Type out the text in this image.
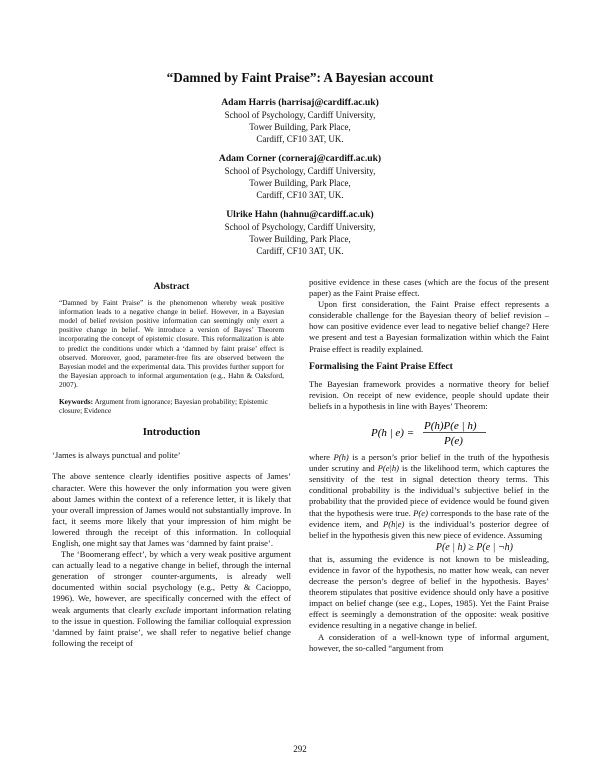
“Damned by Faint Praise”: A Bayesian account
Adam Harris (harrisaj@cardiff.ac.uk)
School of Psychology, Cardiff University,
Tower Building, Park Place,
Cardiff, CF10 3AT, UK.
Adam Corner (corneraj@cardiff.ac.uk)
School of Psychology, Cardiff University,
Tower Building, Park Place,
Cardiff, CF10 3AT, UK.
Ulrike Hahn (hahnu@cardiff.ac.uk)
School of Psychology, Cardiff University,
Tower Building, Park Place,
Cardiff, CF10 3AT, UK.
Abstract

“Damned by Faint Praise” is the phenomenon whereby weak positive information leads to a negative change in belief. However, in a Bayesian model of belief revision positive information can seemingly only exert a positive change in belief. We introduce a version of Bayes’ Theorem incorporating the concept of epistemic closure. This reformalization is able to predict the conditions under which a ‘damned by faint praise’ effect is observed. Moreover, good, parameter-free fits are observed between the Bayesian model and the experimental data. This provides further support for the Bayesian approach to informal argumentation (e.g., Hahn & Oaksford, 2007).

Keywords: Argument from ignorance; Bayesian probability; Epistemic closure; Evidence

Introduction

‘James is always punctual and polite’

The above sentence clearly identifies positive aspects of James’ character. Were this however the only information you were given about James within the context of a reference letter, it is likely that your overall impression of James would not substantially improve. In fact, it seems more likely that your impression of him might be lowered through the receipt of this information. In colloquial English, one might say that James was ‘damned by faint praise’.

The ‘Boomerang effect’, by which a very weak positive argument can actually lead to a negative change in belief, through the internal generation of stronger counter-arguments, is already well documented within social psychology (e.g., Petty & Cacioppo, 1996). We, however, are specifically concerned with the effect of weak arguments that clearly exclude important information relating to the issue in question. Following the familiar colloquial expression ‘damned by faint praise’, we shall refer to negative belief change following the receipt of

positive evidence in these cases (which are the focus of the present paper) as the Faint Praise effect.

Upon first consideration, the Faint Praise effect represents a considerable challenge for the Bayesian theory of belief revision – how can positive evidence ever lead to negative belief change? Here we present and test a Bayesian formalization within which the Faint Praise effect is readily explained.

Formalising the Faint Praise Effect

The Bayesian framework provides a normative theory for belief revision. On receipt of new evidence, people should update their beliefs in a hypothesis in line with Bayes’ Theorem:

P(h | e) =
P(h)P(e | h)
P(e)

where P(h) is a person’s prior belief in the truth of the hypothesis under scrutiny and P(e|h) is the likelihood term, which captures the sensitivity of the test in signal detection theory terms. This conditional probability is the individual’s subjective belief in the probability that the provided piece of evidence would be found given that the hypothesis were true. P(e) corresponds to the base rate of the evidence item, and P(h|e) is the individual’s posterior degree of belief in the hypothesis given this new piece of evidence. Assuming

P(e | h) ≥ P(e | ¬h)

that is, assuming the evidence is not known to be misleading, evidence in favor of the hypothesis, no matter how weak, can never decrease the person’s degree of belief in the hypothesis. Bayes’ theorem stipulates that positive evidence should only have a positive impact on belief change (see e.g., Lopes, 1985). Yet the Faint Praise effect is seemingly a demonstration of the opposite: weak positive evidence resulting in a negative change in belief.

A consideration of a well-known type of informal argument, however, the so-called “argument from

292
